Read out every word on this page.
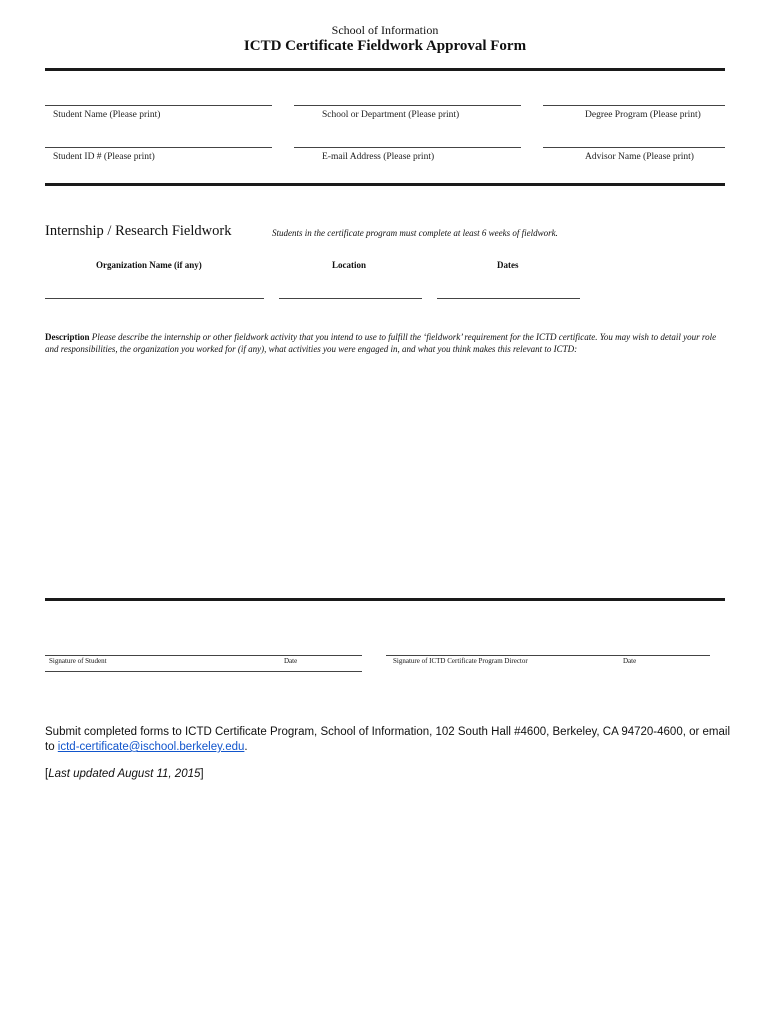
School of Information
ICTD Certificate Fieldwork Approval Form
Student Name (Please print)	School or Department (Please print)	Degree Program (Please print)
Student ID # (Please print)	E-mail Address (Please print)	Advisor Name (Please print)
Internship / Research Fieldwork	Students in the certificate program must complete at least 6 weeks of fieldwork.
Organization Name (if any)	Location	Dates
Description Please describe the internship or other fieldwork activity that you intend to use to fulfill the ‘fieldwork’ requirement for the ICTD certificate. You may wish to detail your role and responsibilities, the organization you worked for (if any), what activities you were engaged in, and what you think makes this relevant to ICTD:
Signature of Student	Date	Signature of ICTD Certificate Program Director	Date
Submit completed forms to ICTD Certificate Program, School of Information, 102 South Hall #4600, Berkeley, CA 94720-4600, or email to ictd-certificate@ischool.berkeley.edu.
[Last updated August 11, 2015]
